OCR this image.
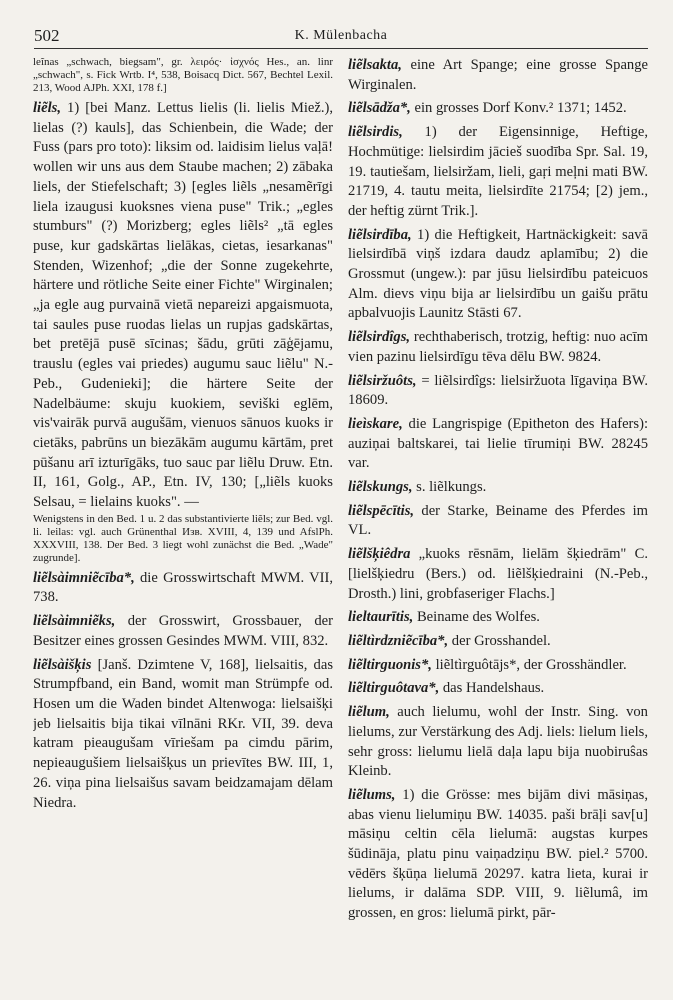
502	K. Mülenbacha

leĩnas „schwach, biegsam", gr. λειρός· ἰσχνός Hes., an. linr „schwach", s. Fick Wrtb. I⁴, 538, Boisacq Dict. 567, Bechtel Lexil. 213, Wood AJPh. XXI, 178 f.]

liẽls, 1) [bei Manz. Lettus lielis (li. lielis Miež.), lielas (?) kauls], das Schienbein, die Wade; der Fuss (pars pro toto): liksim od. laidisim lielus vaļā! wollen wir uns aus dem Staube machen; 2) zābaka liels, der Stiefelschaft; 3) [egles liẽls „nesamẽrīgi liela izaugusi kuoksnes viena puse" Trik.; „egles stumburs" (?) Morizberg; egles liẽls² „tā egles puse, kur gadskārtas lielākas, cietas, iesarkanas" Stenden, Wizenhof; „die der Sonne zugekehrte, härtere und rötliche Seite einer Fichte" Wirginalen; „ja egle aug purvainā vietā nepareizi apgaismuota, tai saules puse ruodas lielas un rupjas gadskārtas, bet pretējā pusē sīcinas; šādu, grūti zāģējamu, trauslu (egles vai priedes) augumu sauc liẽlu" N.-Peb., Gudenieki]; die härtere Seite der Nadelbäume: skuju kuokiem, seviški eglēm, vis'vairāk purvā augušām, vienuos sānuos kuoks ir cietāks, pabrūns un biezākām augumu kārtām, pret pūšanu arī izturīgāks, tuo sauc par liẽlu Druw. Etn. II, 161, Golg., AP., Etn. IV, 130; [„liẽls kuoks Selsau, = lielains kuoks". —

Wenigstens in den Bed. 1 u. 2 das substantivierte liẽls; zur Bed. vgl. li. leilas: vgl. auch Grünenthal Изв. XVIII, 4, 139 und AfslPh. XXXVIII, 138. Der Bed. 3 liegt wohl zunächst die Bed. „Wade" zugrunde].

liẽlsàimniẽcība*, die Grosswirtschaft MWM. VII, 738.

liẽlsàimniẽks, der Grosswirt, Grossbauer, der Besitzer eines grossen Gesindes MWM. VIII, 832.

liẽlsàišķis [Janš. Dzimtene V, 168], lielsaitis, das Strumpfband, ein Band, womit man Strümpfe od. Hosen um die Waden bindet Altenwoga: lielsaišķi jeb lielsaitis bija tikai vīlnāni RKr. VII, 39. deva katram pieaugušam vīriešam pa cimdu pārim, nepieaugušiem lielsaišķus un prievītes BW. III, 1, 26. viņa pina lielsaišus savam beidzamajam dēlam Niedra.

liẽlsakta, eine Art Spange; eine grosse Spange Wirginalen.

liẽlsādža*, ein grosses Dorf Konv.² 1371; 1452.

liẽlsirdis, 1) der Eigensinnige, Heftige, Hochmütige: lielsirdim jācieš suodība Spr. Sal. 19, 19. tautiešam, lielsiržam, lieli, gaŗi meļni mati BW. 21719, 4. tautu meita, lielsirdīte 21754; [2) jem., der heftig zürnt Trik.].

liẽlsirdība, 1) die Heftigkeit, Hartnäckigkeit: savā lielsirdībā viņš izdara daudz aplamību; 2) die Grossmut (ungew.): par jūsu lielsirdību pateicuos Alm. dievs viņu bija ar lielsirdību un gaišu prātu apbalvuojis Launitz Stāsti 67.

liẽlsirdîgs, rechthaberisch, trotzig, heftig: nuo acīm vien pazinu lielsirdīgu tēva dēlu BW. 9824.

liẽlsiržuôts, = liẽlsirdîgs: lielsiržuota līgaviņa BW. 18609.

lieìskare, die Langrispige (Epitheton des Hafers): auziņai baltskarei, tai lielie tīrumiņi BW. 28245 var.

liẽlskungs, s. liẽlkungs.

liẽlspēcītis, der Starke, Beiname des Pferdes im VL.

liẽlšķiêdra „kuoks rēsnām, lielām šķiedrām" C. [lielšķiedru (Bers.) od. liẽlšķiedraini (N.-Peb., Drosth.) lini, grobfaseriger Flachs.]

lieltaurītis, Beiname des Wolfes.

liẽltìrdzniẽcība*, der Grosshandel.

liẽltirguonis*, liẽltìrguôtājs*, der Grosshändler.

liẽltirguôtava*, das Handelshaus.

liẽlum, auch lielumu, wohl der Instr. Sing. von lielums, zur Verstärkung des Adj. liels: lielum liels, sehr gross: lielumu lielā daļa lapu bija nuobiruŝas Kleinb.

liẽlums, 1) die Grösse: mes bijām divi māsiņas, abas vienu lielumiņu BW. 14035. paši brāļi sav[u] māsiņu celtin cēla lielumā: augstas kurpes šūdināja, platu pinu vaiņadziņu BW. piel.² 5700. vēdērs šķūņa lielumā 20297. katra lieta, kurai ir lielums, ir dalāma SDP. VIII, 9. liẽlumâ, im grossen, en gros: lielumā pirkt, pār-
